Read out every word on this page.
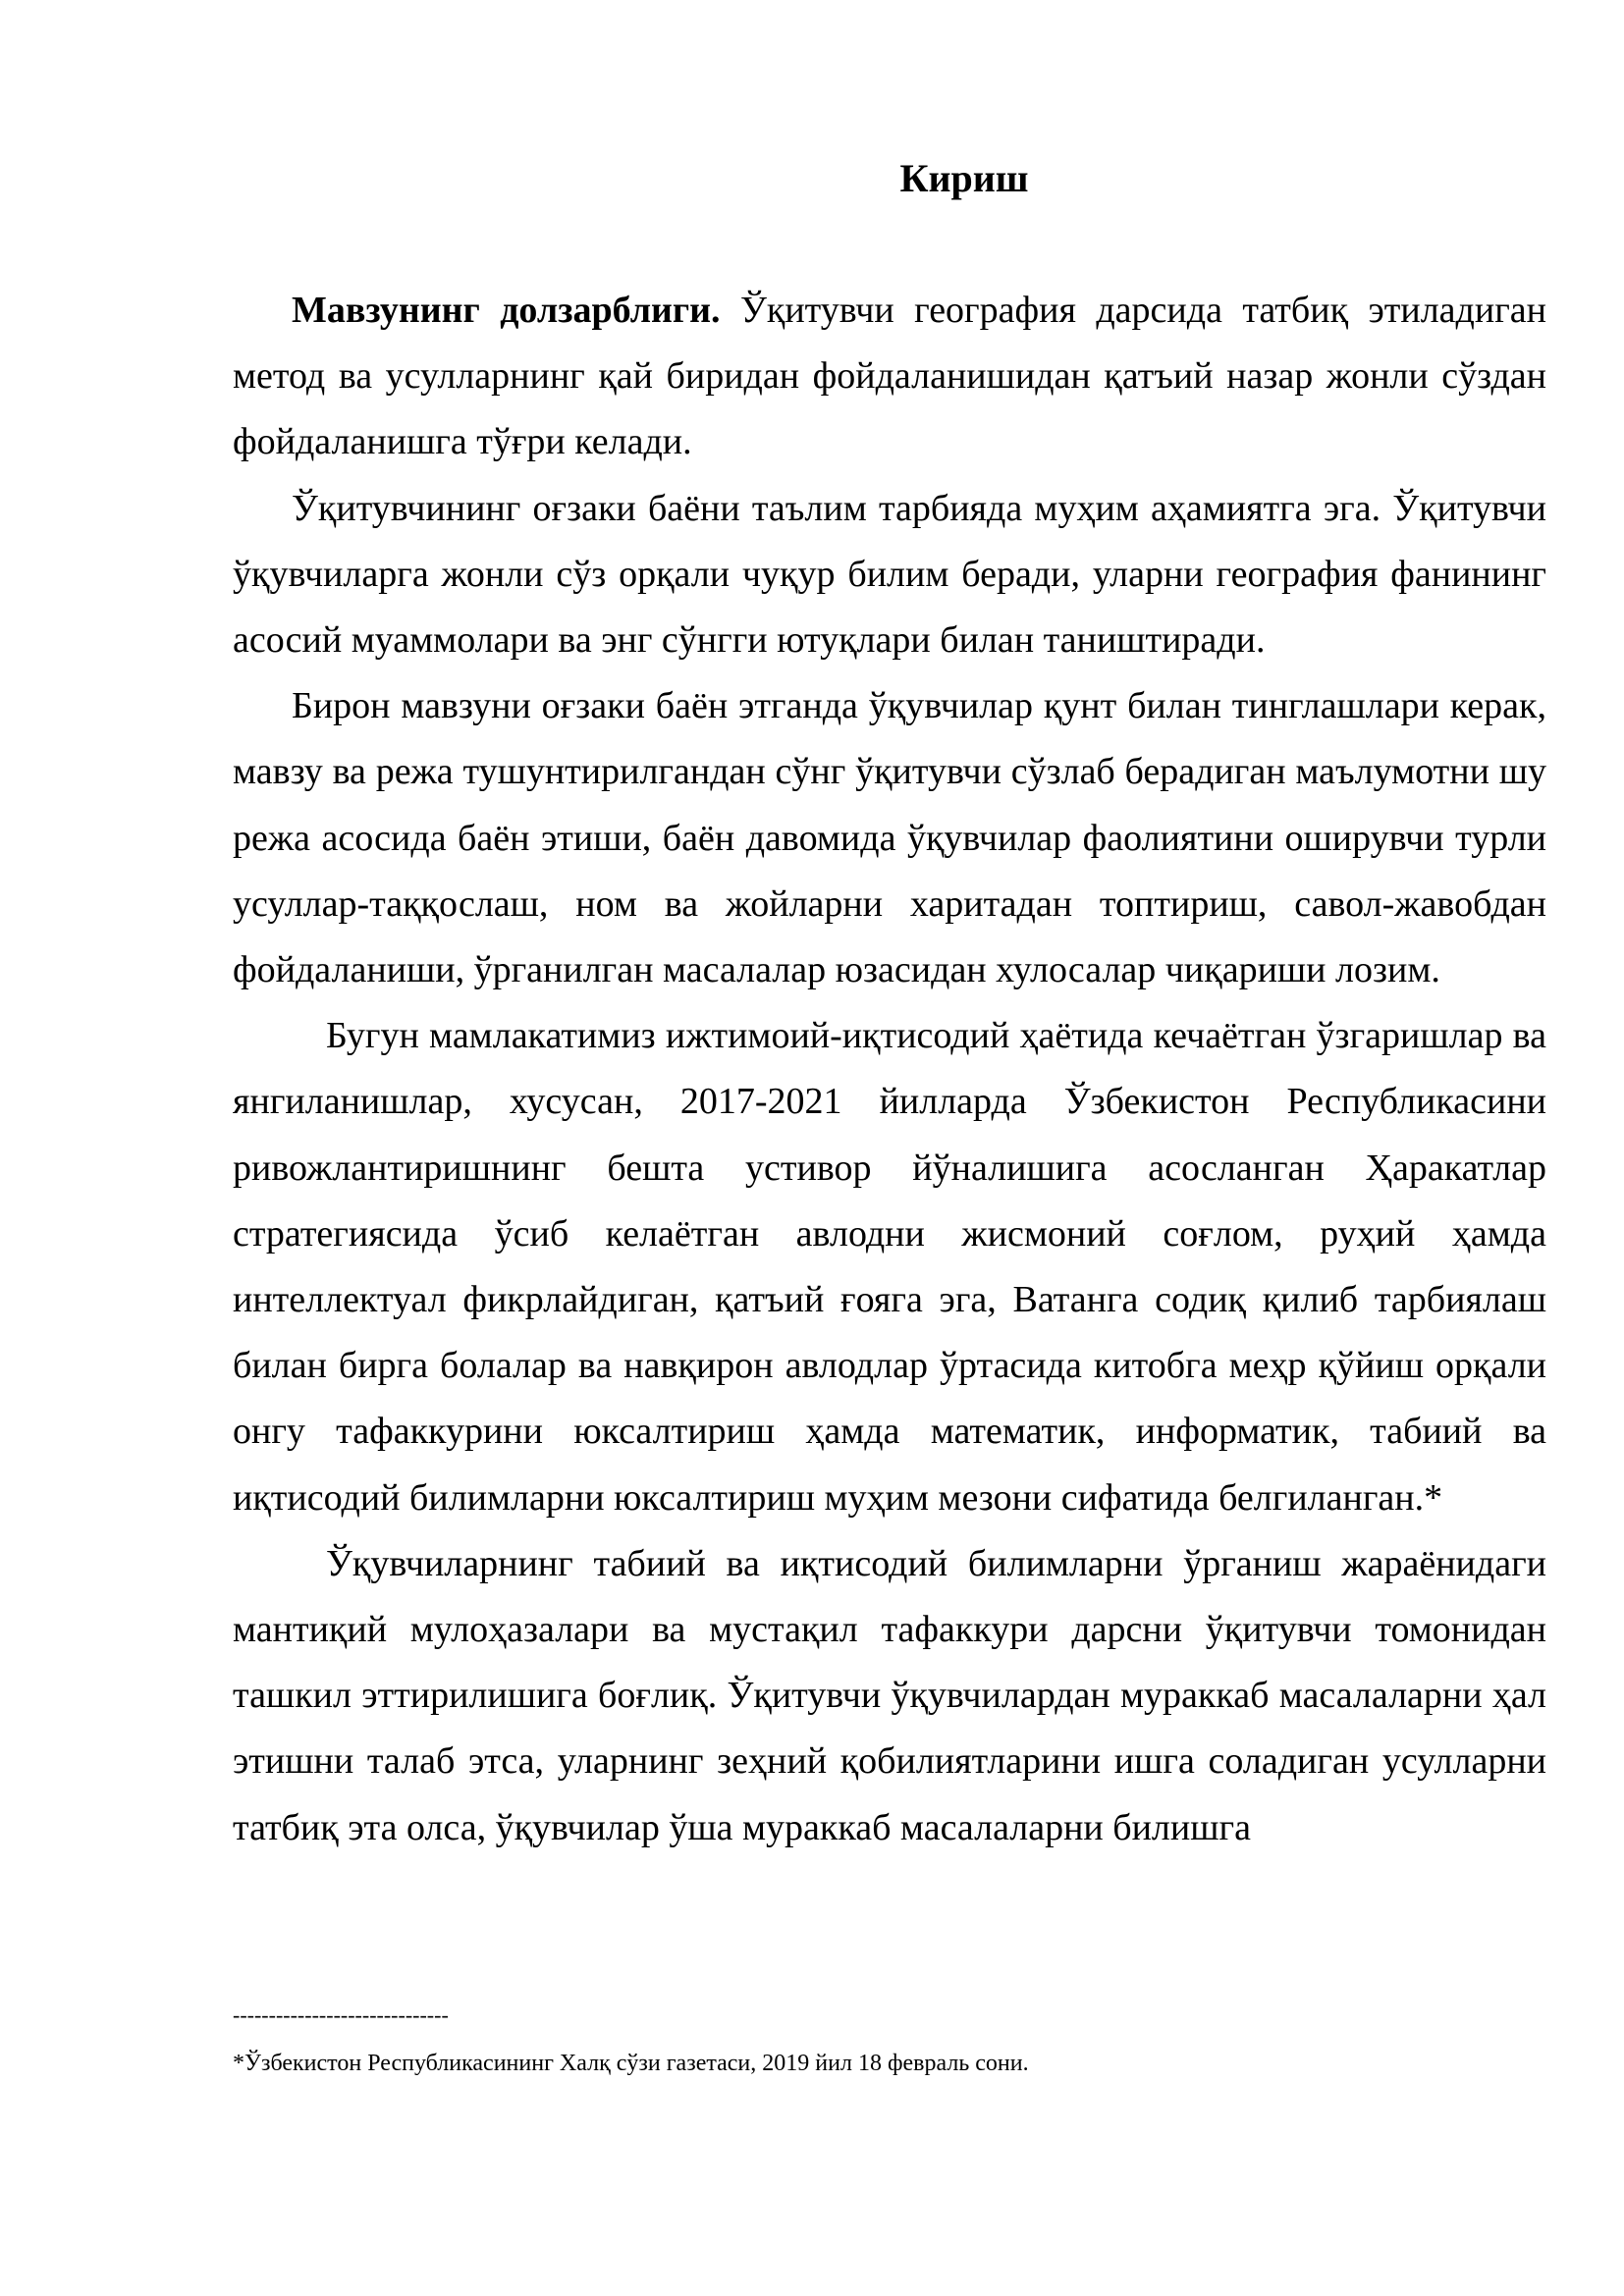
Кириш

Мавзунинг долзарблиги. Ўқитувчи география дарсида татбиқ этиладиган метод ва усулларнинг қай биридан фойдаланишидан қатъий назар жонли сўздан фойдаланишга тўғри келади.

Ўқитувчининг оғзаки баёни таълим тарбияда муҳим аҳамиятга эга. Ўқитувчи ўқувчиларга жонли сўз орқали чуқур билим беради, уларни география фанининг асосий муаммолари ва энг сўнгги ютуқлари билан таништиради.

Бирон мавзуни оғзаки баён этганда ўқувчилар қунт билан тинглашлари керак, мавзу ва режа тушунтирилгандан сўнг ўқитувчи сўзлаб берадиган маълумотни шу режа асосида баён этиши, баён давомида ўқувчилар фаолиятини оширувчи турли усуллар-таққослаш, ном ва жойларни харитадан топтириш, савол-жавобдан фойдаланиши, ўрганилган масалалар юзасидан хулосалар чиқариши лозим.

Бугун мамлакатимиз ижтимоий-иқтисодий ҳаётида кечаётган ўзгаришлар ва янгиланишлар, хусусан, 2017-2021 йилларда Ўзбекистон Республикасини ривожлантиришнинг бешта устивор йўналишига асосланган Ҳаракатлар стратегиясида ўсиб келаётган авлодни жисмоний соғлом, руҳий ҳамда интеллектуал фикрлайдиган, қатъий ғояга эга, Ватанга содиқ қилиб тарбиялаш билан бирга болалар ва навқирон авлодлар ўртасида китобга меҳр қўйиш орқали онгу тафаккурини юксалтириш ҳамда математик, информатик, табиий ва иқтисодий билимларни юксалтириш муҳим мезони сифатида белгиланган.*

Ўқувчиларнинг табиий ва иқтисодий билимларни ўрганиш жараёнидаги мантиқий мулоҳазалари ва мустақил тафаккури дарсни ўқитувчи томонидан ташкил эттирилишига боғлиқ. Ўқитувчи ўқувчилардан мураккаб масалаларни ҳал этишни талаб этса, уларнинг зеҳний қобилиятларини ишга соладиган усулларни татбиқ эта олса, ўқувчилар ўша мураккаб масалаларни билишга

------------------------------
*Ўзбекистон Республикасининг Халқ сўзи газетаси, 2019 йил 18 февраль сони.
